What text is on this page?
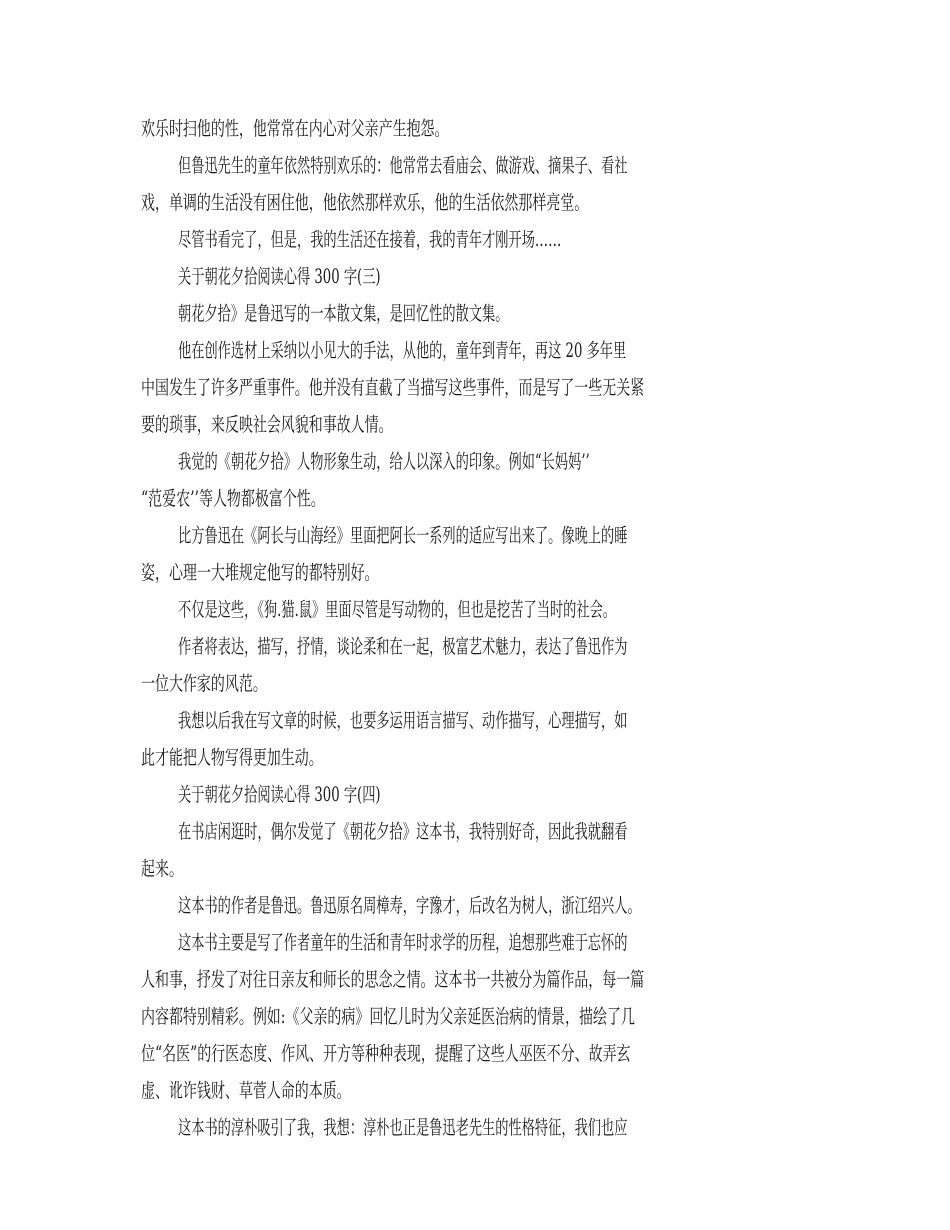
欢乐时扫他的性，他常常在内心对父亲产生抱怨。
但鲁迅先生的童年依然特别欢乐的：他常常去看庙会、做游戏、摘果子、看社
戏，单调的生活没有困住他，他依然那样欢乐，他的生活依然那样亮堂。
尽管书看完了，但是，我的生活还在接着，我的青年才刚开场……
关于朝花夕拾阅读心得 300 字(三)
朝花夕拾》是鲁迅写的一本散文集，是回忆性的散文集。
他在创作选材上采纳以小见大的手法，从他的，童年到青年，再这 20 多年里
中国发生了许多严重事件。他并没有直截了当描写这些事件，而是写了一些无关紧
要的琐事，来反映社会风貌和事故人情。
我觉的《朝花夕拾》人物形象生动，给人以深入的印象。例如“长妈妈’’
“范爱农’’等人物都极富个性。
比方鲁迅在《阿长与山海经》里面把阿长一系列的适应写出来了。像晚上的睡
姿，心理一大堆规定他写的都特别好。
不仅是这些，《狗.猫.鼠》里面尽管是写动物的，但也是挖苦了当时的社会。
作者将表达，描写，抒情，谈论柔和在一起，极富艺术魅力，表达了鲁迅作为
一位大作家的风范。
我想以后我在写文章的时候，也要多运用语言描写、动作描写，心理描写，如
此才能把人物写得更加生动。
关于朝花夕拾阅读心得 300 字(四)
在书店闲逛时，偶尔发觉了《朝花夕拾》这本书，我特别好奇，因此我就翻看
起来。
这本书的作者是鲁迅。鲁迅原名周樟寿，字豫才，后改名为树人，浙江绍兴人。
这本书主要是写了作者童年的生活和青年时求学的历程，追想那些难于忘怀的
人和事，抒发了对往日亲友和师长的思念之情。这本书一共被分为篇作品，每一篇
内容都特别精彩。例如:《父亲的病》回忆儿时为父亲延医治病的情景，描绘了几
位“名医”的行医态度、作风、开方等种种表现，提醒了这些人巫医不分、故弄玄
虚、讹诈钱财、草菅人命的本质。
这本书的淳朴吸引了我，我想：淳朴也正是鲁迅老先生的性格特征，我们也应
